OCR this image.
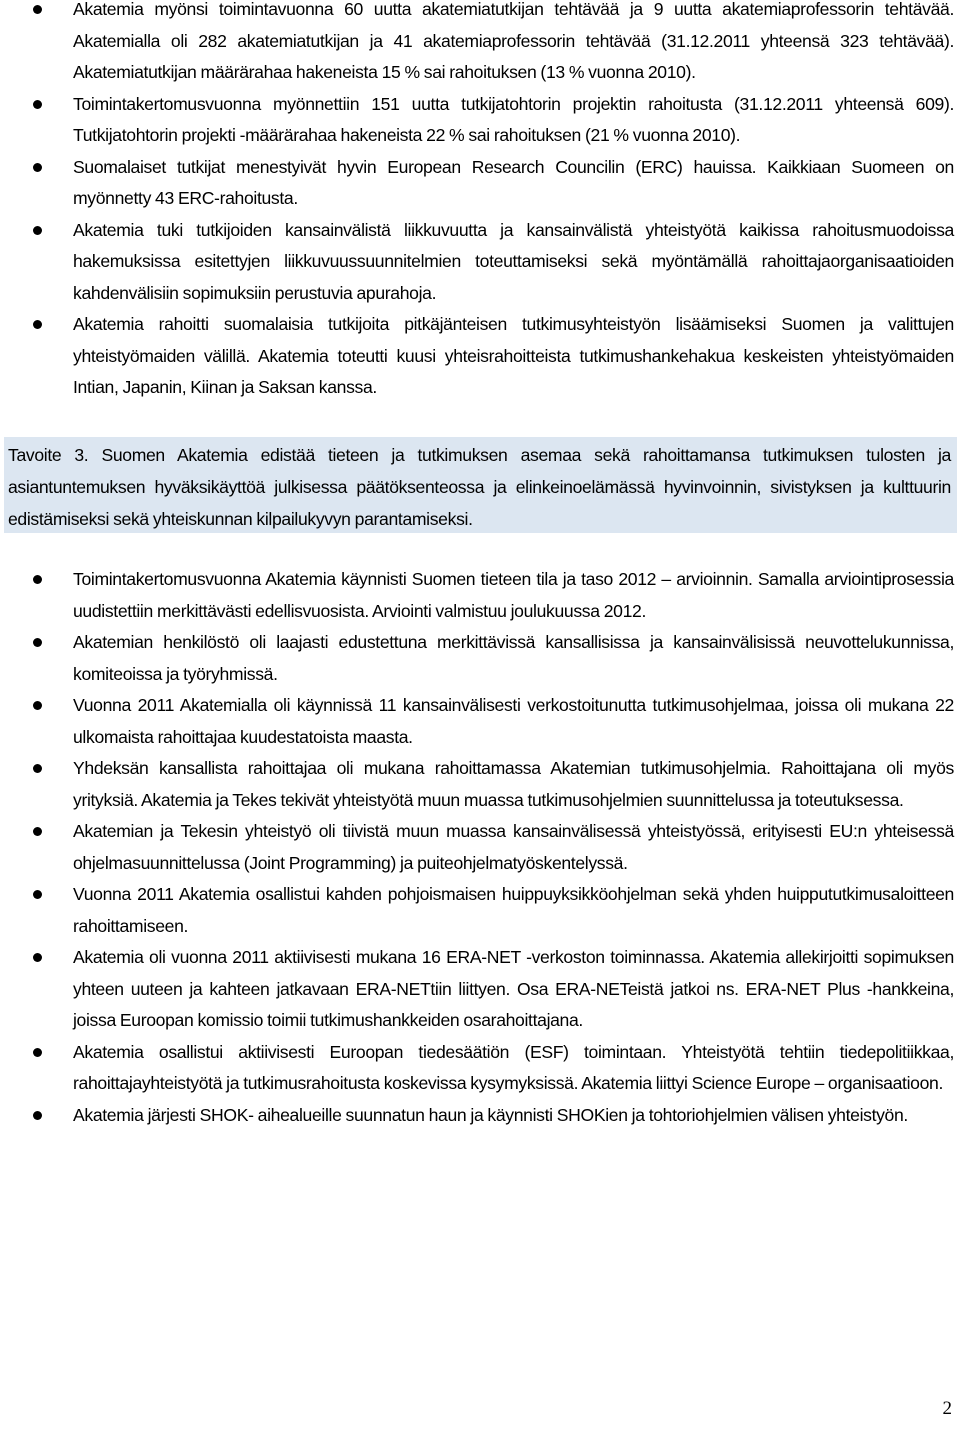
Akatemia myönsi toimintavuonna 60 uutta akatemiatutkijan tehtävää ja 9 uutta akatemiaprofessorin tehtävää. Akatemialla oli 282 akatemiatutkijan ja 41 akatemiaprofessorin tehtävää (31.12.2011 yhteensä 323 tehtävää). Akatemiatutkijan määrärahaa hakeneista 15 % sai rahoituksen (13 % vuonna 2010).
Toimintakertomusvuonna myönnettiin 151 uutta tutkijatohtorin projektin rahoitusta (31.12.2011 yhteensä 609). Tutkijatohtorin projekti -määrärahaa hakeneista 22 % sai rahoituksen (21 % vuonna 2010).
Suomalaiset tutkijat menestyivät hyvin European Research Councilin (ERC) hauissa. Kaikkiaan Suomeen on myönnetty 43 ERC-rahoitusta.
Akatemia tuki tutkijoiden kansainvälistä liikkuvuutta ja kansainvälistä yhteistyötä kaikissa rahoitusmuodoissa hakemuksissa esitettyjen liikkuvuussuunnitelmien toteuttamiseksi sekä myöntämällä rahoittajaorganisaatioiden kahdenvälisiin sopimuksiin perustuvia apurahoja.
Akatemia rahoitti suomalaisia tutkijoita pitkäjänteisen tutkimusyhteistyön lisäämiseksi Suomen ja valittujen yhteistyömaiden välillä. Akatemia toteutti kuusi yhteisrahoitteista tutkimushankehakua keskeisten yhteistyömaiden Intian, Japanin, Kiinan ja Saksan kanssa.
Tavoite 3. Suomen Akatemia edistää tieteen ja tutkimuksen asemaa sekä rahoittamansa tutkimuksen tulosten ja asiantuntemuksen hyväksikäyttöä julkisessa päätöksenteossa ja elinkeinoelämässä hyvinvoinnin, sivistyksen ja kulttuurin edistämiseksi sekä yhteiskunnan kilpailukyvyn parantamiseksi.
Toimintakertomusvuonna Akatemia käynnisti Suomen tieteen tila ja taso 2012 – arvioinnin. Samalla arviointiprosessia uudistettiin merkittävästi edellisvuosista. Arviointi valmistuu joulukuussa 2012.
Akatemian henkilöstö oli laajasti edustettuna merkittävissä kansallisissa ja kansainvälisissä neuvottelukunnissa, komiteoissa ja työryhmissä.
Vuonna 2011 Akatemialla oli käynnissä 11 kansainvälisesti verkostoitunutta tutkimusohjelmaa, joissa oli mukana 22 ulkomaista rahoittajaa kuudestatoista maasta.
Yhdeksän kansallista rahoittajaa oli mukana rahoittamassa Akatemian tutkimusohjelmia. Rahoittajana oli myös yrityksiä. Akatemia ja Tekes tekivät yhteistyötä muun muassa tutkimusohjelmien suunnittelussa ja toteutuksessa.
Akatemian ja Tekesin yhteistyö oli tiivistä muun muassa kansainvälisessä yhteistyössä, erityisesti EU:n yhteisessä ohjelmasuunnittelussa (Joint Programming) ja puiteohjelmatyöskentelyssä.
Vuonna 2011 Akatemia osallistui kahden pohjoismaisen huippuyksikköohjelman sekä yhden huippututkimusaloitteen rahoittamiseen.
Akatemia oli vuonna 2011 aktiivisesti mukana 16 ERA-NET -verkoston toiminnassa. Akatemia allekirjoitti sopimuksen yhteen uuteen ja kahteen jatkavaan ERA-NETtiin liittyen. Osa ERA-NETeistä jatkoi ns. ERA-NET Plus -hankkeina, joissa Euroopan komissio toimii tutkimushankkeiden osarahoittajana.
Akatemia osallistui aktiivisesti Euroopan tiedesäätiön (ESF) toimintaan. Yhteistyötä tehtiin tiedepolitiikkaa, rahoittajayhteistyötä ja tutkimusrahoitusta koskevissa kysymyksissä. Akatemia liittyi Science Europe – organisaatioon.
Akatemia järjesti SHOK- aihealueille suunnatun haun ja käynnisti SHOKien ja tohtoriohjelmien välisen yhteistyön.
2
